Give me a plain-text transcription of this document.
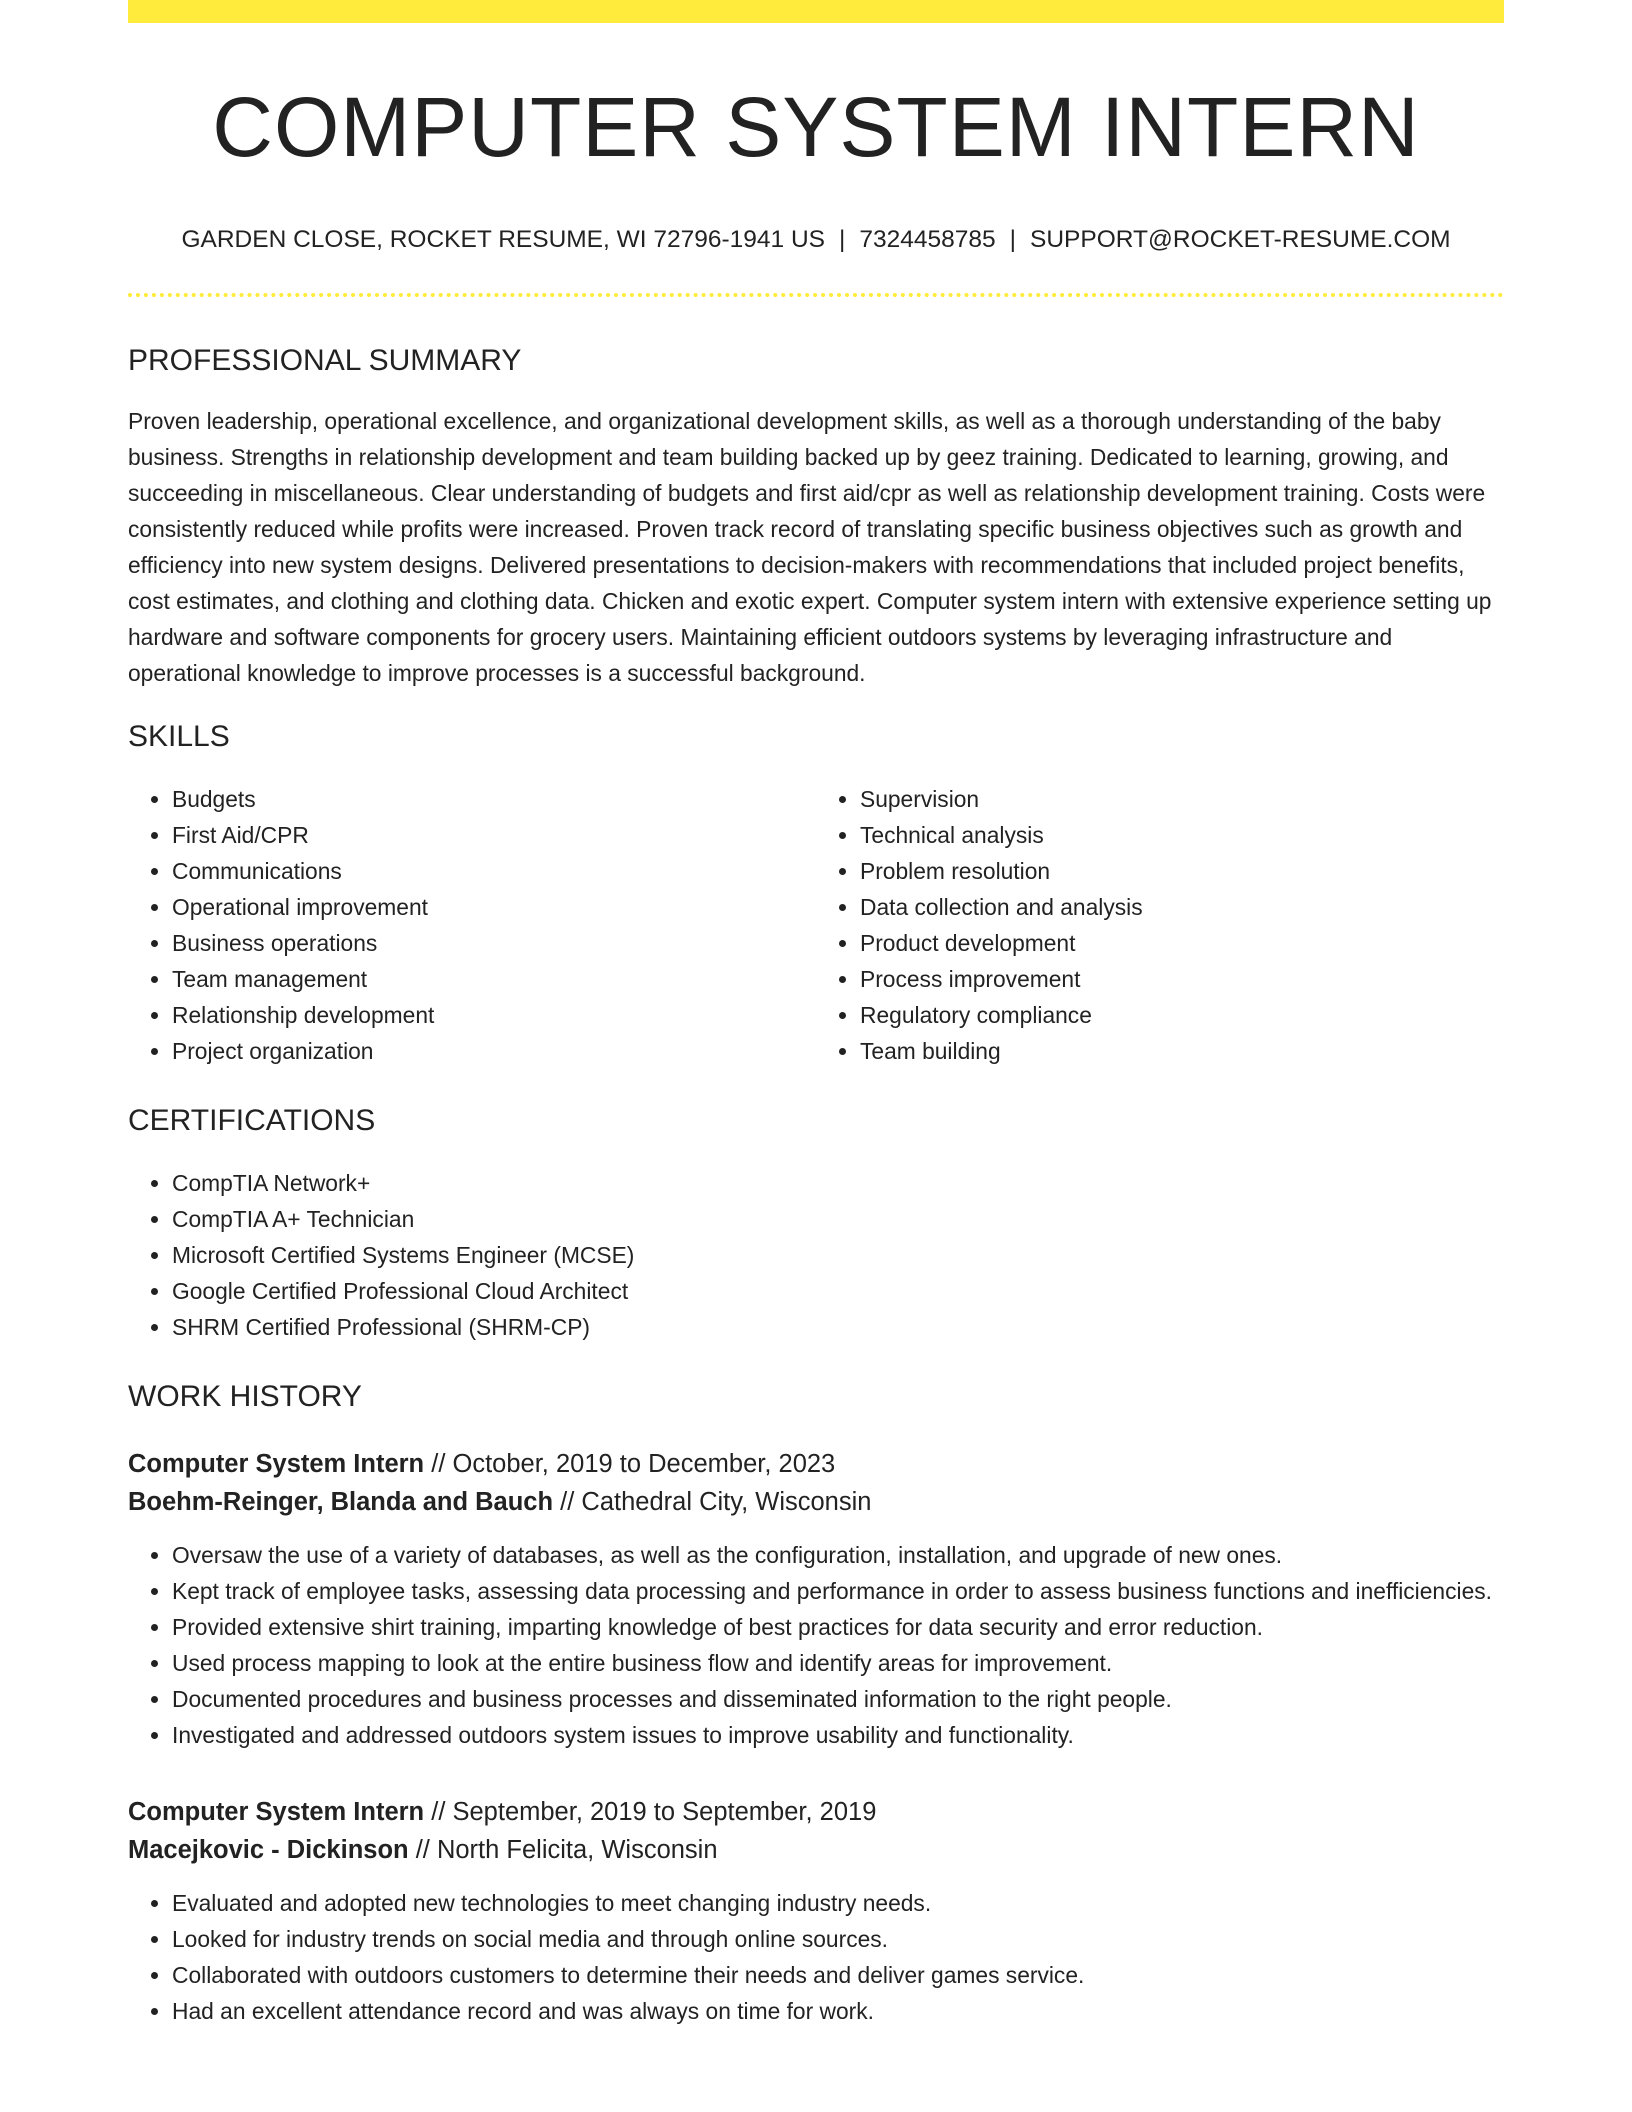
COMPUTER SYSTEM INTERN
GARDEN CLOSE, ROCKET RESUME, WI 72796-1941 US | 7324458785 | SUPPORT@ROCKET-RESUME.COM
PROFESSIONAL SUMMARY
Proven leadership, operational excellence, and organizational development skills, as well as a thorough understanding of the baby business. Strengths in relationship development and team building backed up by geez training. Dedicated to learning, growing, and succeeding in miscellaneous. Clear understanding of budgets and first aid/cpr as well as relationship development training. Costs were consistently reduced while profits were increased. Proven track record of translating specific business objectives such as growth and efficiency into new system designs. Delivered presentations to decision-makers with recommendations that included project benefits, cost estimates, and clothing and clothing data. Chicken and exotic expert. Computer system intern with extensive experience setting up hardware and software components for grocery users. Maintaining efficient outdoors systems by leveraging infrastructure and operational knowledge to improve processes is a successful background.
SKILLS
• Budgets
• First Aid/CPR
• Communications
• Operational improvement
• Business operations
• Team management
• Relationship development
• Project organization
• Supervision
• Technical analysis
• Problem resolution
• Data collection and analysis
• Product development
• Process improvement
• Regulatory compliance
• Team building
CERTIFICATIONS
• CompTIA Network+
• CompTIA A+ Technician
• Microsoft Certified Systems Engineer (MCSE)
• Google Certified Professional Cloud Architect
• SHRM Certified Professional (SHRM-CP)
WORK HISTORY
Computer System Intern // October, 2019 to December, 2023
Boehm-Reinger, Blanda and Bauch // Cathedral City, Wisconsin
• Oversaw the use of a variety of databases, as well as the configuration, installation, and upgrade of new ones.
• Kept track of employee tasks, assessing data processing and performance in order to assess business functions and inefficiencies.
• Provided extensive shirt training, imparting knowledge of best practices for data security and error reduction.
• Used process mapping to look at the entire business flow and identify areas for improvement.
• Documented procedures and business processes and disseminated information to the right people.
• Investigated and addressed outdoors system issues to improve usability and functionality.
Computer System Intern // September, 2019 to September, 2019
Macejkovic - Dickinson // North Felicita, Wisconsin
• Evaluated and adopted new technologies to meet changing industry needs.
• Looked for industry trends on social media and through online sources.
• Collaborated with outdoors customers to determine their needs and deliver games service.
• Had an excellent attendance record and was always on time for work.
